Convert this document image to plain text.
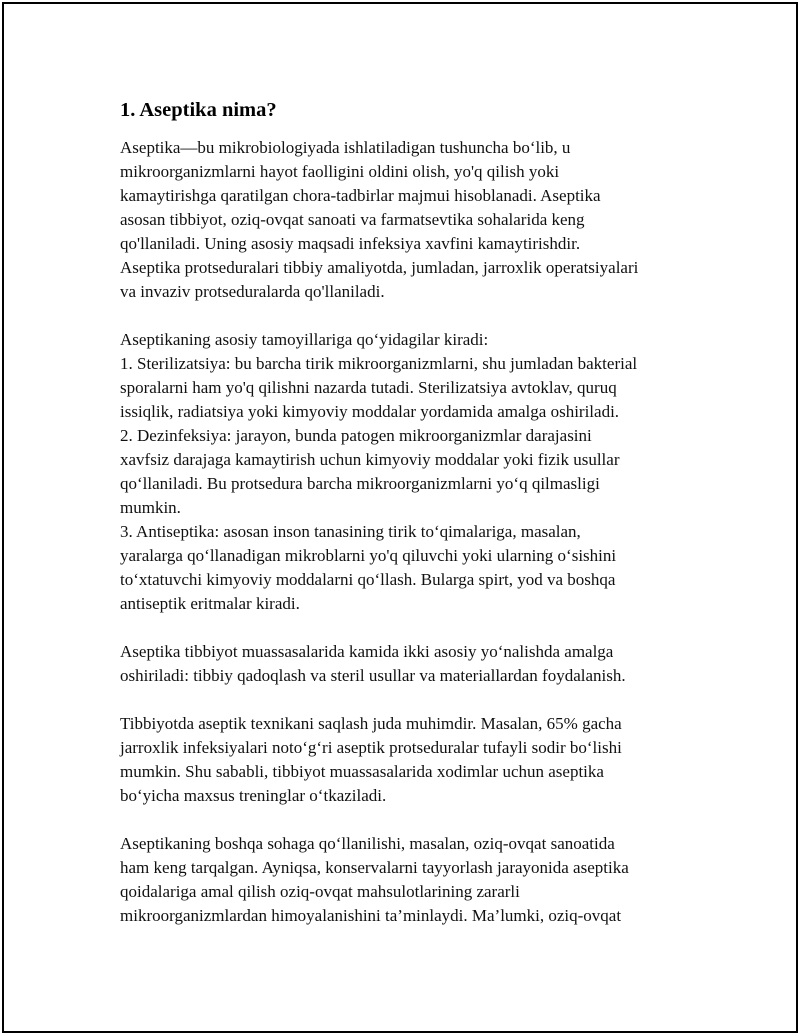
1. Aseptika nima?
Aseptika—bu mikrobiologiyada ishlatiladigan tushuncha bo‘lib, u
mikroorganizmlarni hayot faolligini oldini olish, yo'q qilish yoki
kamaytirishga qaratilgan chora-tadbirlar majmui hisoblanadi. Aseptika
asosan tibbiyot, oziq-ovqat sanoati va farmatsevtika sohalarida keng
qo'llaniladi. Uning asosiy maqsadi infeksiya xavfini kamaytirishdir.
Aseptika protseduralari tibbiy amaliyotda, jumladan, jarroxlik operatsiyalari
va invaziv protseduralarda qo'llaniladi.
Aseptikaning asosiy tamoyillariga qo‘yidagilar kiradi:
1. Sterilizatsiya: bu barcha tirik mikroorganizmlarni, shu jumladan bakterial
sporalarni ham yo'q qilishni nazarda tutadi. Sterilizatsiya avtoklav, quruq
issiqlik, radiatsiya yoki kimyoviy moddalar yordamida amalga oshiriladi.
2. Dezinfeksiya: jarayon, bunda patogen mikroorganizmlar darajasini
xavfsiz darajaga kamaytirish uchun kimyoviy moddalar yoki fizik usullar
qo‘llaniladi. Bu protsedura barcha mikroorganizmlarni yo‘q qilmasligi
mumkin.
3. Antiseptika: asosan inson tanasining tirik to‘qimalariga, masalan,
yaralarga qo‘llanadigan mikroblarni yo'q qiluvchi yoki ularning o‘sishini
to‘xtatuvchi kimyoviy moddalarni qo‘llash. Bularga spirt, yod va boshqa
antiseptik eritmalar kiradi.
Aseptika tibbiyot muassasalarida kamida ikki asosiy yo‘nalishda amalga
oshiriladi: tibbiy qadoqlash va steril usullar va materiallardan foydalanish.
Tibbiyotda aseptik texnikani saqlash juda muhimdir. Masalan, 65% gacha
jarroxlik infeksiyalari noto‘g‘ri aseptik protseduralar tufayli sodir bo‘lishi
mumkin. Shu sababli, tibbiyot muassasalarida xodimlar uchun aseptika
bo‘yicha maxsus treninglar o‘tkaziladi.
Aseptikaning boshqa sohaga qo‘llanilishi, masalan, oziq-ovqat sanoatida
ham keng tarqalgan. Ayniqsa, konservalarni tayyorlash jarayonida aseptika
qoidalariga amal qilish oziq-ovqat mahsulotlarining zararli
mikroorganizmlardan himoyalanishini ta’minlaydi. Ma’lumki, oziq-ovqat
